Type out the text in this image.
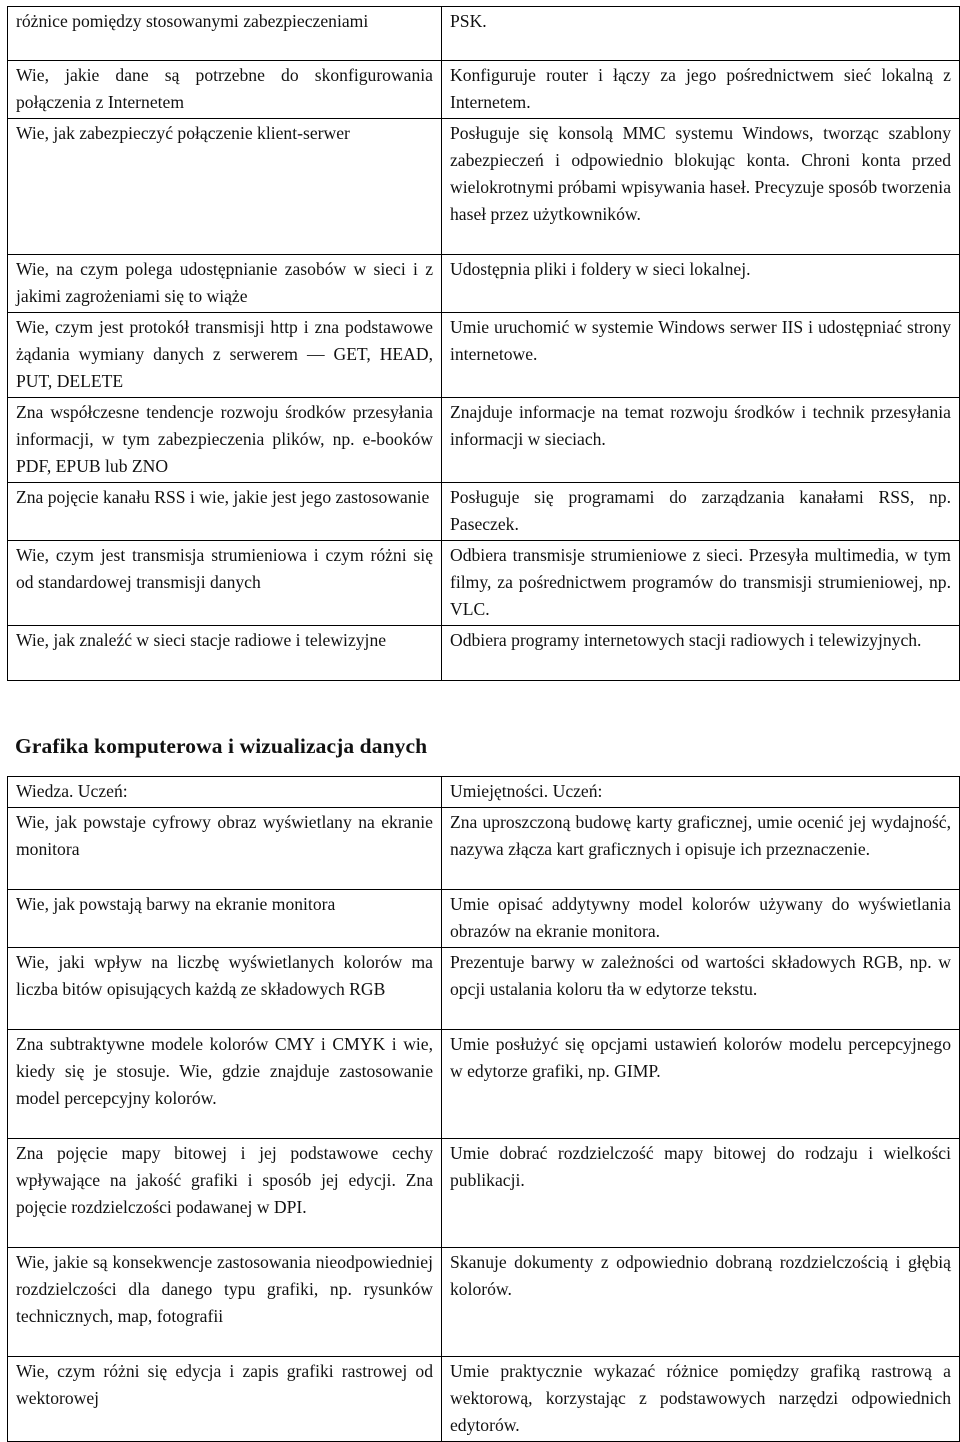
różnice pomiędzy stosowanymi zabezpieczeniami	PSK.
Wie, jakie dane są potrzebne do skonfigurowania połączenia z Internetem	Konfiguruje router i łączy za jego pośrednictwem sieć lokalną z Internetem.
Wie, jak zabezpieczyć połączenie klient-serwer	Posługuje się konsolą MMC systemu Windows, tworząc szablony zabezpieczeń i odpowiednio blokując konta. Chroni konta przed wielokrotnymi próbami wpisywania haseł. Precyzuje sposób tworzenia haseł przez użytkowników.
Wie, na czym polega udostępnianie zasobów w sieci i z jakimi zagrożeniami się to wiąże	Udostępnia pliki i foldery w sieci lokalnej.
Wie, czym jest protokół transmisji http i zna podstawowe żądania wymiany danych z serwerem — GET, HEAD, PUT, DELETE	Umie uruchomić w systemie Windows serwer IIS i udostępniać strony internetowe.
Zna współczesne tendencje rozwoju środków przesyłania informacji, w tym zabezpieczenia plików, np. e-booków PDF, EPUB lub ZNO	Znajduje informacje na temat rozwoju środków i technik przesyłania informacji w sieciach.
Zna pojęcie kanału RSS i wie, jakie jest jego zastosowanie	Posługuje się programami do zarządzania kanałami RSS, np. Paseczek.
Wie, czym jest transmisja strumieniowa i czym różni się od standardowej transmisji danych	Odbiera transmisje strumieniowe z sieci. Przesyła multimedia, w tym filmy, za pośrednictwem programów do transmisji strumieniowej, np. VLC.
Wie, jak znaleźć w sieci stacje radiowe i telewizyjne	Odbiera programy internetowych stacji radiowych i telewizyjnych.
Grafika komputerowa i wizualizacja danych
Wiedza. Uczeń:	Umiejętności. Uczeń:
Wie, jak powstaje cyfrowy obraz wyświetlany na ekranie monitora	Zna uproszczoną budowę karty graficznej, umie ocenić jej wydajność, nazywa złącza kart graficznych i opisuje ich przeznaczenie.
Wie, jak powstają barwy na ekranie monitora	Umie opisać addytywny model kolorów używany do wyświetlania obrazów na ekranie monitora.
Wie, jaki wpływ na liczbę wyświetlanych kolorów ma liczba bitów opisujących każdą ze składowych RGB	Prezentuje barwy w zależności od wartości składowych RGB, np. w opcji ustalania koloru tła w edytorze tekstu.
Zna subtraktywne modele kolorów CMY i CMYK i wie, kiedy się je stosuje. Wie, gdzie znajduje zastosowanie model percepcyjny kolorów.	Umie posłużyć się opcjami ustawień kolorów modelu percepcyjnego w edytorze grafiki, np. GIMP.
Zna pojęcie mapy bitowej i jej podstawowe cechy wpływające na jakość grafiki i sposób jej edycji. Zna pojęcie rozdzielczości podawanej w DPI.	Umie dobrać rozdzielczość mapy bitowej do rodzaju i wielkości publikacji.
Wie, jakie są konsekwencje zastosowania nieodpowiedniej rozdzielczości dla danego typu grafiki, np. rysunków technicznych, map, fotografii	Skanuje dokumenty z odpowiednio dobraną rozdzielczością i głębią kolorów.
Wie, czym różni się edycja i zapis grafiki rastrowej od wektorowej	Umie praktycznie wykazać różnice pomiędzy grafiką rastrową a wektorową, korzystając z podstawowych narzędzi odpowiednich edytorów.
